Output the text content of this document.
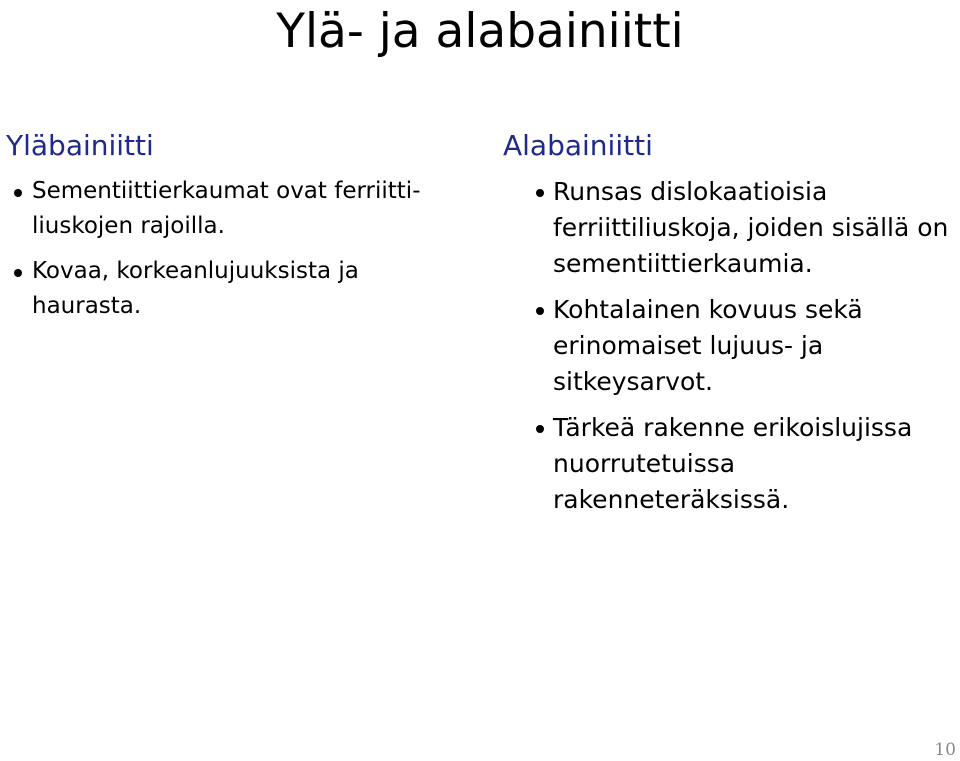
Ylä- ja alabainiitti
Yläbainiitti
Sementiittierkaumat ovat ferriitti-liuskojen rajoilla.
Kovaa, korkeanlujuuksista ja haurasta.
Alabainiitti
Runsas dislokaatioisia ferriittiliuskoja, joiden sisällä on sementiittierkaumia.
Kohtalainen kovuus sekä erinomaiset lujuus- ja sitkeysarvot.
Tärkeä rakenne erikoislujissa nuorrutetuissa rakenneteräksissä.
10
